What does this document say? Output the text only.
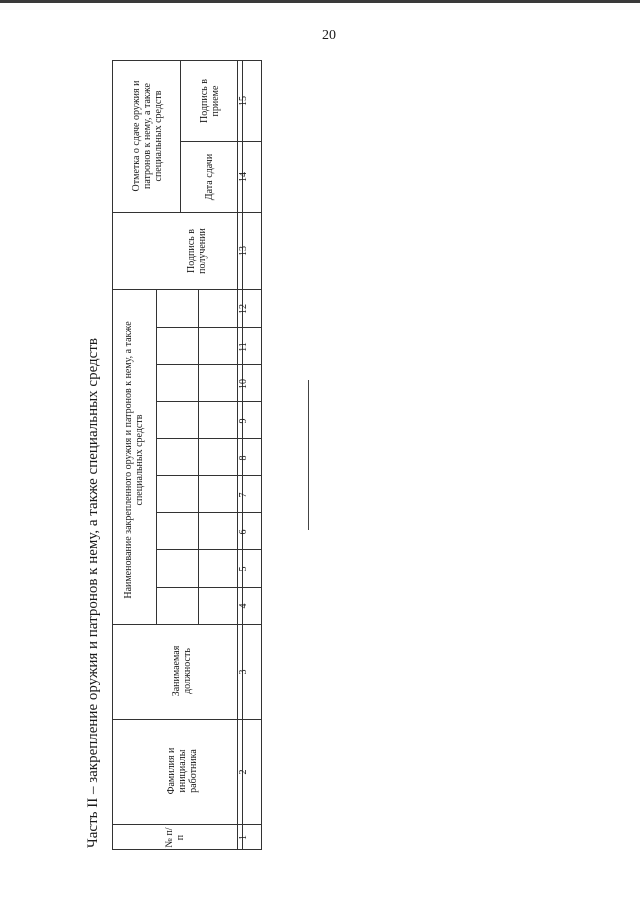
20
Часть II – закрепление оружия и патронов к нему, а также специальных средств	№ п/п
Фамилия и инициалы работника
Занимаемая должность
Наименование закрепленного оружия и патронов к нему, а также специальных средств
Подпись в получении
Отметка о сдаче оружия и патронов к нему, а также специальных средств	Дата сдачи
Подпись в приеме
1
2
3
4
5
6
7
8
9
10
11
12
13
14
15
